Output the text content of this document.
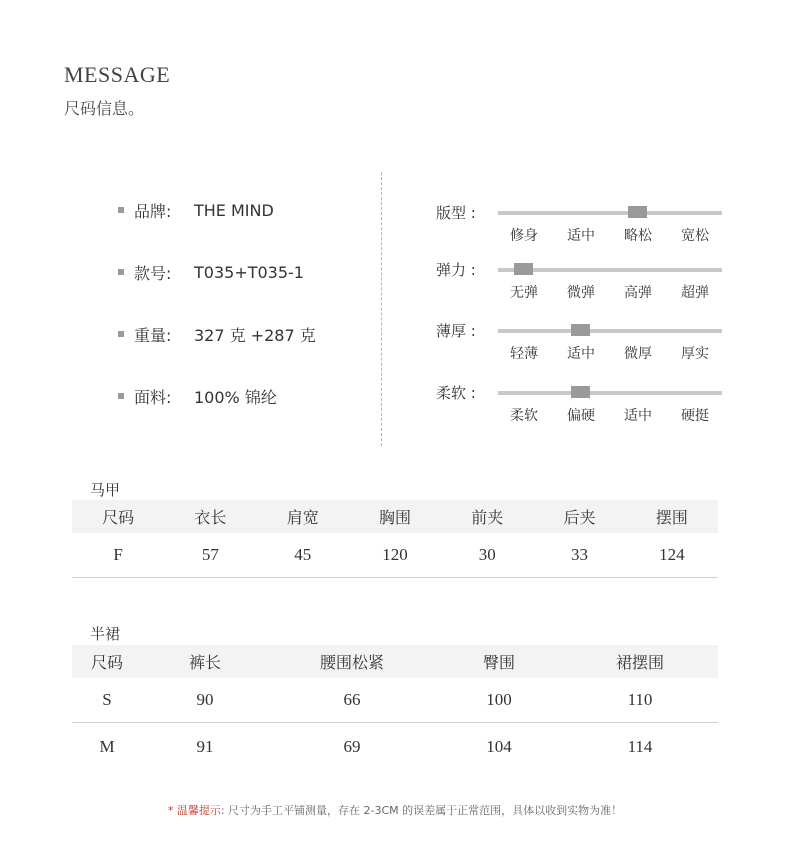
MESSAGE
尺码信息。
品牌:	THE MIND
款号:	T035+T035-1
重量:	327 克 +287 克
面料:	100% 锦纶
版型 :
修身	适中	略松	宽松
弹力 :
无弹	微弹	高弹	超弹
薄厚 :
轻薄	适中	微厚	厚实
柔软 :
柔软	偏硬	适中	硬挺
马甲
尺码	衣长	肩宽	胸围	前夹	后夹	摆围
F	57	45	120	30	33	124
半裙
尺码	裤长	腰围松紧	臀围	裙摆围
S	90	66	100	110
M	91	69	104	114
* 温馨提示: 尺寸为手工平铺测量，存在 2-3CM 的误差属于正常范围，具体以收到实物为准！
